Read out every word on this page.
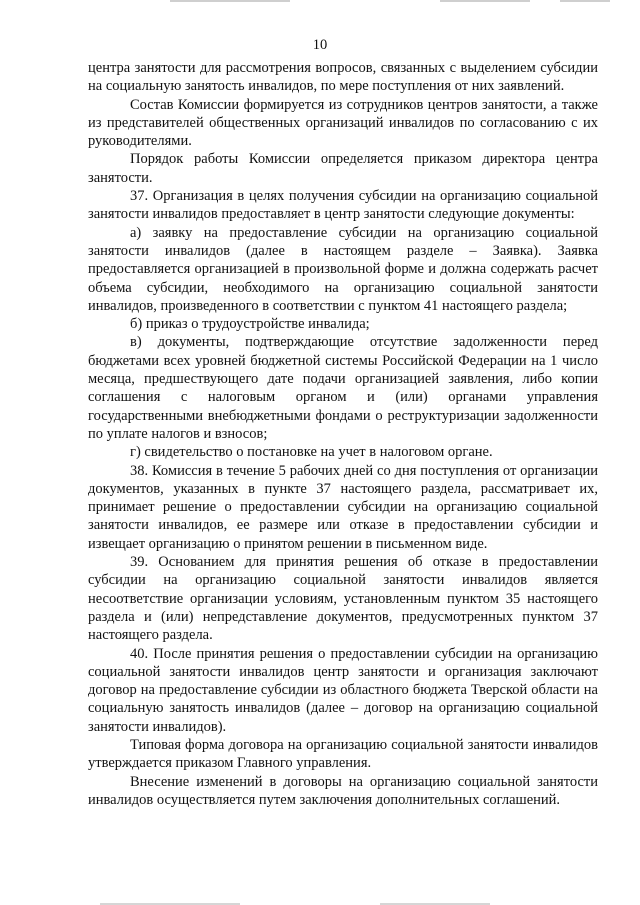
10

центра занятости для рассмотрения вопросов, связанных с выделением субсидии на социальную занятость инвалидов, по мере поступления от них заявлений.

Состав Комиссии формируется из сотрудников центров занятости, а также из представителей общественных организаций инвалидов по согласованию с их руководителями.

Порядок работы Комиссии определяется приказом директора центра занятости.

37. Организация в целях получения субсидии на организацию социальной занятости инвалидов предоставляет в центр занятости следующие документы:

а) заявку на предоставление субсидии на организацию социальной занятости инвалидов (далее в настоящем разделе – Заявка). Заявка предоставляется организацией в произвольной форме и должна содержать расчет объема субсидии, необходимого на организацию социальной занятости инвалидов, произведенного в соответствии с пунктом 41 настоящего раздела;

б) приказ о трудоустройстве инвалида;

в) документы, подтверждающие отсутствие задолженности перед бюджетами всех уровней бюджетной системы Российской Федерации на 1 число месяца, предшествующего дате подачи организацией заявления, либо копии соглашения с налоговым органом и (или) органами управления государственными внебюджетными фондами о реструктуризации задолженности по уплате налогов и взносов;

г) свидетельство о постановке на учет в налоговом органе.

38. Комиссия в течение 5 рабочих дней со дня поступления от организации документов, указанных в пункте 37 настоящего раздела, рассматривает их, принимает решение о предоставлении субсидии на организацию социальной занятости инвалидов, ее размере или отказе в предоставлении субсидии и извещает организацию о принятом решении в письменном виде.

39. Основанием для принятия решения об отказе в предоставлении субсидии на организацию социальной занятости инвалидов является несоответствие организации условиям, установленным пунктом 35 настоящего раздела и (или) непредставление документов, предусмотренных пунктом 37 настоящего раздела.

40. После принятия решения о предоставлении субсидии на организацию социальной занятости инвалидов центр занятости и организация заключают договор на предоставление субсидии из областного бюджета Тверской области на социальную занятость инвалидов (далее – договор на организацию социальной занятости инвалидов).

Типовая форма договора на организацию социальной занятости инвалидов утверждается приказом Главного управления.

Внесение изменений в договоры на организацию социальной занятости инвалидов осуществляется путем заключения дополнительных соглашений.
